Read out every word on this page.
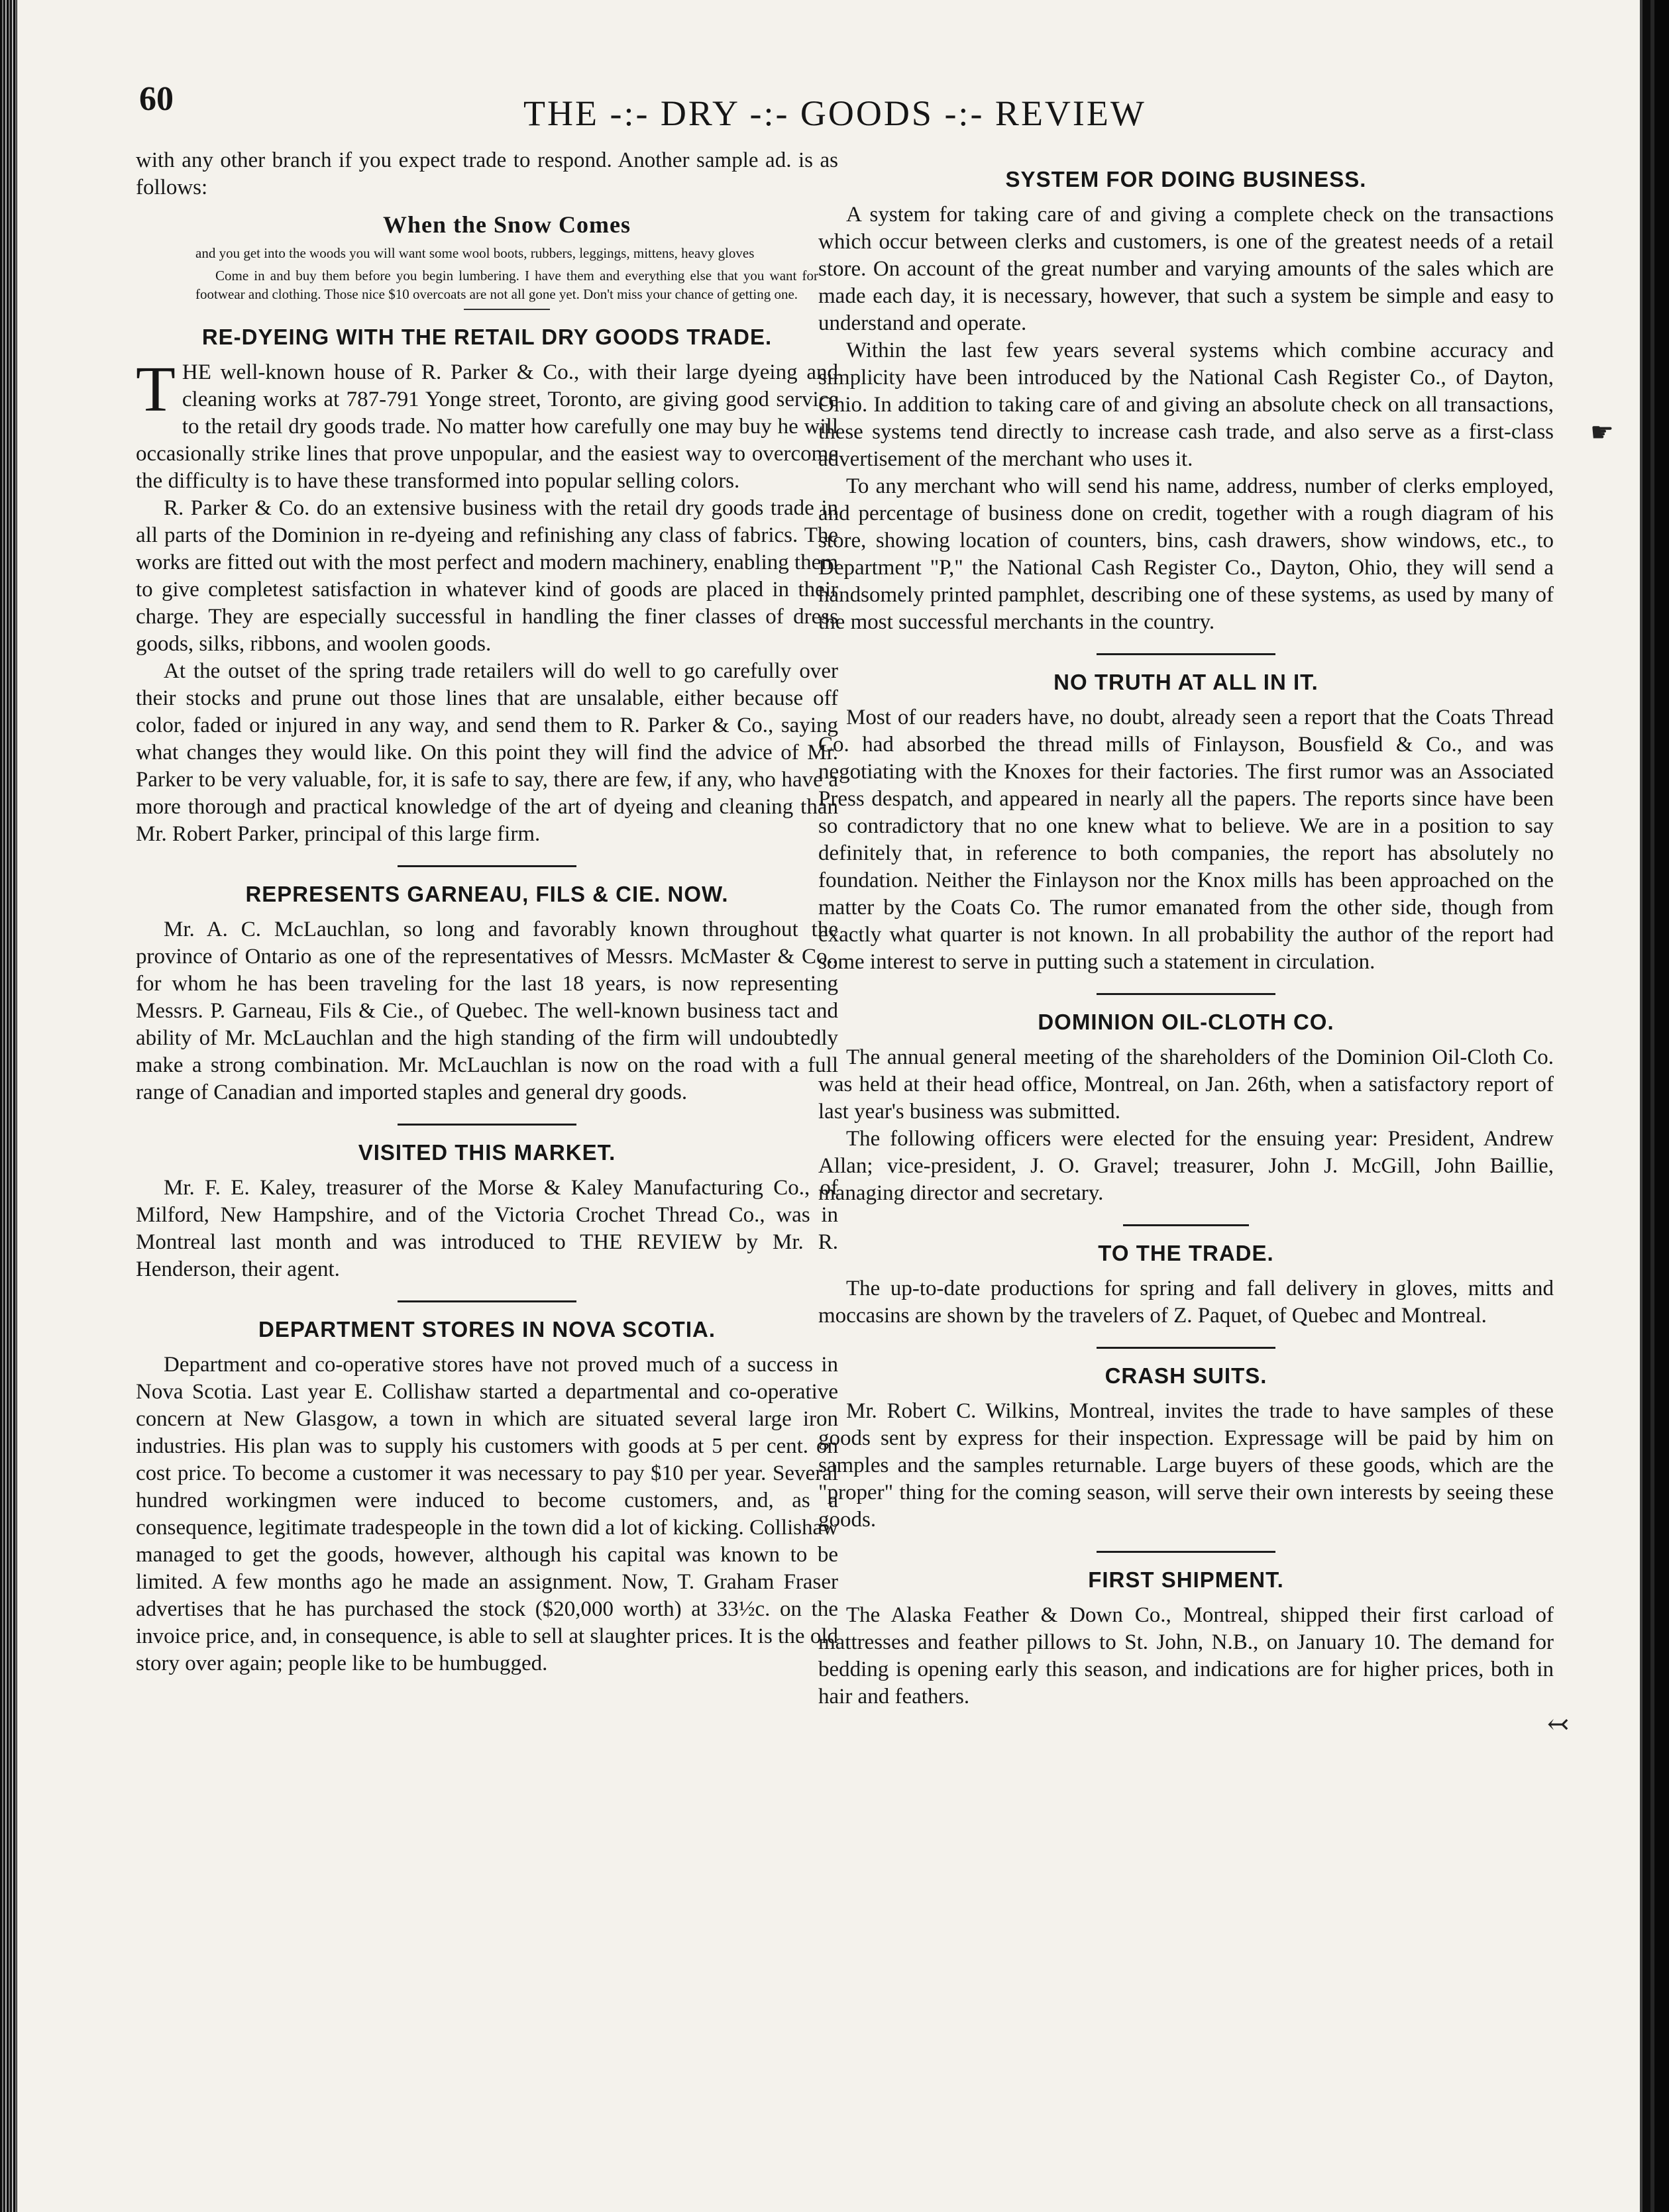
☛
↢
60	THE -:- DRY -:- GOODS -:- REVIEW

with any other branch if you expect trade to respond. Another sample ad. is as follows:

When the Snow Comes
and you get into the woods you will want some wool boots, rubbers, leggings, mittens, heavy gloves
Come in and buy them before you begin lumbering. I have them and everything else that you want for footwear and clothing. Those nice $10 overcoats are not all gone yet. Don't miss your chance of getting one.
RE-DYEING WITH THE RETAIL DRY GOODS TRADE.

THE well-known house of R. Parker & Co., with their large dyeing and cleaning works at 787-791 Yonge street, Toronto, are giving good service to the retail dry goods trade. No matter how carefully one may buy he will occasionally strike lines that prove unpopular, and the easiest way to overcome the difficulty is to have these transformed into popular selling colors.

R. Parker & Co. do an extensive business with the retail dry goods trade in all parts of the Dominion in re-dyeing and refinishing any class of fabrics. The works are fitted out with the most perfect and modern machinery, enabling them to give completest satisfaction in whatever kind of goods are placed in their charge. They are especially successful in handling the finer classes of dress goods, silks, ribbons, and woolen goods.

At the outset of the spring trade retailers will do well to go carefully over their stocks and prune out those lines that are unsalable, either because off color, faded or injured in any way, and send them to R. Parker & Co., saying what changes they would like. On this point they will find the advice of Mr. Parker to be very valuable, for, it is safe to say, there are few, if any, who have a more thorough and practical knowledge of the art of dyeing and cleaning than Mr. Robert Parker, principal of this large firm.

REPRESENTS GARNEAU, FILS & CIE. NOW.

Mr. A. C. McLauchlan, so long and favorably known throughout the province of Ontario as one of the representatives of Messrs. McMaster & Co., for whom he has been traveling for the last 18 years, is now representing Messrs. P. Garneau, Fils & Cie., of Quebec. The well-known business tact and ability of Mr. McLauchlan and the high standing of the firm will undoubtedly make a strong combination. Mr. McLauchlan is now on the road with a full range of Canadian and imported staples and general dry goods.

VISITED THIS MARKET.

Mr. F. E. Kaley, treasurer of the Morse & Kaley Manufacturing Co., of Milford, New Hampshire, and of the Victoria Crochet Thread Co., was in Montreal last month and was introduced to THE REVIEW by Mr. R. Henderson, their agent.

DEPARTMENT STORES IN NOVA SCOTIA.

Department and co-operative stores have not proved much of a success in Nova Scotia. Last year E. Collishaw started a departmental and co-operative concern at New Glasgow, a town in which are situated several large iron industries. His plan was to supply his customers with goods at 5 per cent. on cost price. To become a customer it was necessary to pay $10 per year. Several hundred workingmen were induced to become customers, and, as a consequence, legitimate tradespeople in the town did a lot of kicking. Collishaw managed to get the goods, however, although his capital was known to be limited. A few months ago he made an assignment. Now, T. Graham Fraser advertises that he has purchased the stock ($20,000 worth) at 33½c. on the invoice price, and, in consequence, is able to sell at slaughter prices. It is the old story over again; people like to be humbugged.

SYSTEM FOR DOING BUSINESS.

A system for taking care of and giving a complete check on the transactions which occur between clerks and customers, is one of the greatest needs of a retail store. On account of the great number and varying amounts of the sales which are made each day, it is necessary, however, that such a system be simple and easy to understand and operate.

Within the last few years several systems which combine accuracy and simplicity have been introduced by the National Cash Register Co., of Dayton, Ohio. In addition to taking care of and giving an absolute check on all transactions, these systems tend directly to increase cash trade, and also serve as a first-class advertisement of the merchant who uses it.

To any merchant who will send his name, address, number of clerks employed, and percentage of business done on credit, together with a rough diagram of his store, showing location of counters, bins, cash drawers, show windows, etc., to Department "P," the National Cash Register Co., Dayton, Ohio, they will send a handsomely printed pamphlet, describing one of these systems, as used by many of the most successful merchants in the country.

NO TRUTH AT ALL IN IT.

Most of our readers have, no doubt, already seen a report that the Coats Thread Co. had absorbed the thread mills of Finlayson, Bousfield & Co., and was negotiating with the Knoxes for their factories. The first rumor was an Associated Press despatch, and appeared in nearly all the papers. The reports since have been so contradictory that no one knew what to believe. We are in a position to say definitely that, in reference to both companies, the report has absolutely no foundation. Neither the Finlayson nor the Knox mills has been approached on the matter by the Coats Co. The rumor emanated from the other side, though from exactly what quarter is not known. In all probability the author of the report had some interest to serve in putting such a statement in circulation.

DOMINION OIL-CLOTH CO.

The annual general meeting of the shareholders of the Dominion Oil-Cloth Co. was held at their head office, Montreal, on Jan. 26th, when a satisfactory report of last year's business was submitted.

The following officers were elected for the ensuing year: President, Andrew Allan; vice-president, J. O. Gravel; treasurer, John J. McGill, John Baillie, managing director and secretary.

TO THE TRADE.

The up-to-date productions for spring and fall delivery in gloves, mitts and moccasins are shown by the travelers of Z. Paquet, of Quebec and Montreal.

CRASH SUITS.

Mr. Robert C. Wilkins, Montreal, invites the trade to have samples of these goods sent by express for their inspection. Expressage will be paid by him on samples and the samples returnable. Large buyers of these goods, which are the "proper" thing for the coming season, will serve their own interests by seeing these goods.

FIRST SHIPMENT.

The Alaska Feather & Down Co., Montreal, shipped their first carload of mattresses and feather pillows to St. John, N.B., on January 10. The demand for bedding is opening early this season, and indications are for higher prices, both in hair and feathers.
